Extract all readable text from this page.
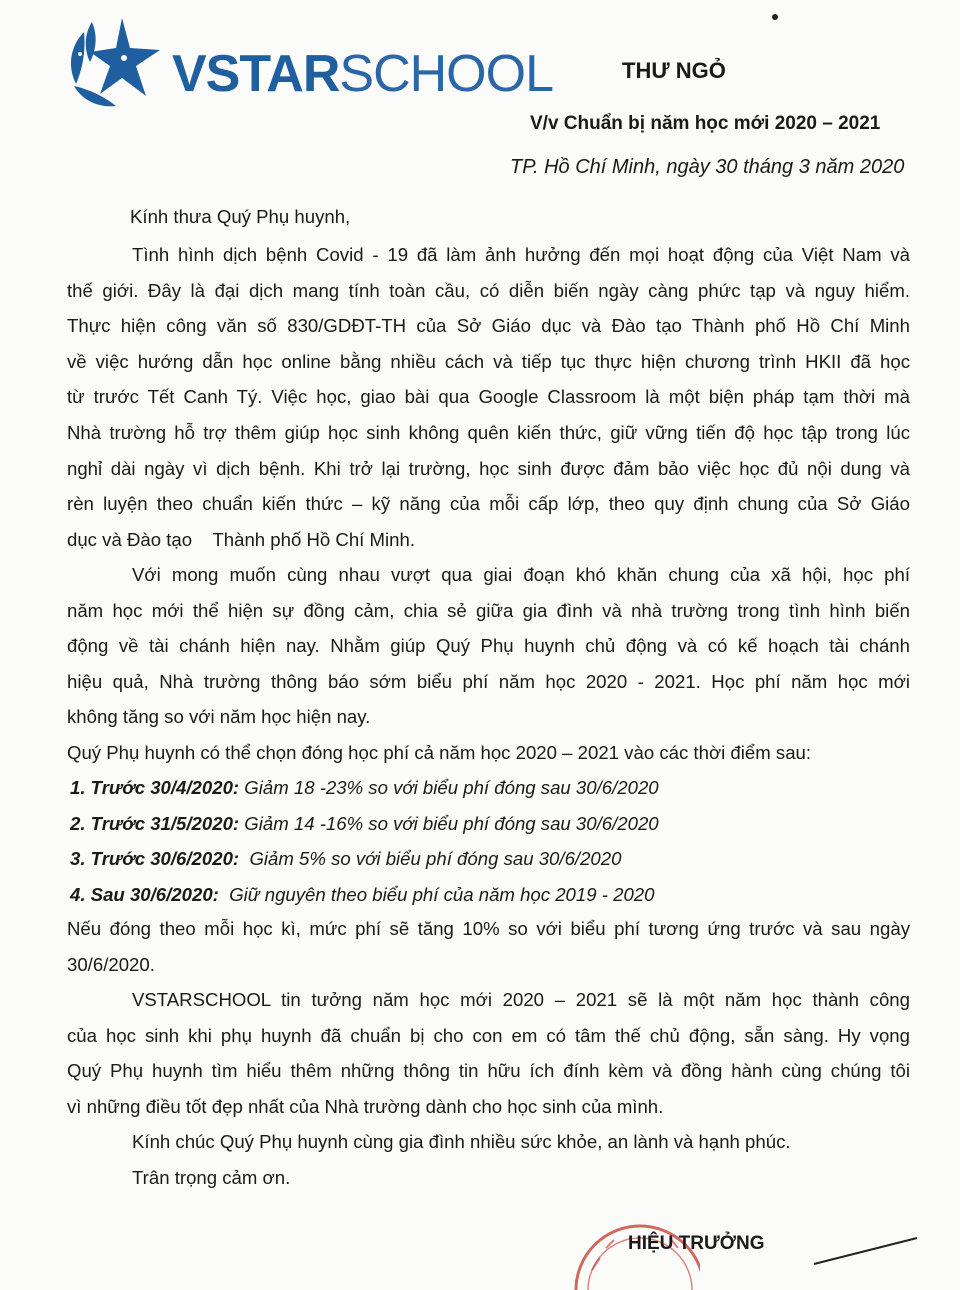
VSTARSCHOOL	THƯ NGỎ
V/v Chuẩn bị năm học mới 2020 – 2021
TP. Hồ Chí Minh, ngày 30 tháng 3 năm 2020
Kính thưa Quý Phụ huynh,

Tình hình dịch bệnh Covid - 19 đã làm ảnh hưởng đến mọi hoạt động của Việt Nam và

thế giới. Đây là đại dịch mang tính toàn cầu, có diễn biến ngày càng phức tạp và nguy hiểm.

Thực hiện công văn số 830/GDĐT-TH của Sở Giáo dục và Đào tạo Thành phố Hồ Chí Minh

về việc hướng dẫn học online bằng nhiều cách và tiếp tục thực hiện chương trình HKII đã học

từ trước Tết Canh Tý. Việc học, giao bài qua Google Classroom là một biện pháp tạm thời mà

Nhà trường hỗ trợ thêm giúp học sinh không quên kiến thức, giữ vững tiến độ học tập trong lúc

nghỉ dài ngày vì dịch bệnh. Khi trở lại trường, học sinh được đảm bảo việc học đủ nội dung và

rèn luyện theo chuẩn kiến thức – kỹ năng của mỗi cấp lớp, theo quy định chung của Sở Giáo

dục và Đào tạo    Thành phố Hồ Chí Minh.

Với mong muốn cùng nhau vượt qua giai đoạn khó khăn chung của xã hội, học phí

năm học mới thể hiện sự đồng cảm, chia sẻ giữa gia đình và nhà trường trong tình hình biến

động về tài chánh hiện nay. Nhằm giúp Quý Phụ huynh chủ động và có kế hoạch tài chánh

hiệu quả, Nhà trường thông báo sớm biểu phí năm học 2020 - 2021. Học phí năm học mới

không tăng so với năm học hiện nay.

Quý Phụ huynh có thể chọn đóng học phí cả năm học 2020 – 2021 vào các thời điểm sau:

1. Trước 30/4/2020: Giảm 18 -23% so với biểu phí đóng sau 30/6/2020

2. Trước 31/5/2020: Giảm 14 -16% so với biểu phí đóng sau 30/6/2020

3. Trước 30/6/2020:  Giảm 5% so với biểu phí đóng sau 30/6/2020

4. Sau 30/6/2020:  Giữ nguyên theo biểu phí của năm học 2019 - 2020

Nếu đóng theo mỗi học kì, mức phí sẽ tăng 10% so với biểu phí tương ứng trước và sau ngày

30/6/2020.

VSTARSCHOOL tin tưởng năm học mới 2020 – 2021 sẽ là một năm học thành công

của học sinh khi phụ huynh đã chuẩn bị cho con em có tâm thế chủ động, sẵn sàng. Hy vọng

Quý Phụ huynh tìm hiểu thêm những thông tin hữu ích đính kèm và đồng hành cùng chúng tôi

vì những điều tốt đẹp nhất của Nhà trường dành cho học sinh của mình.

Kính chúc Quý Phụ huynh cùng gia đình nhiều sức khỏe, an lành và hạnh phúc.
Trân trọng cảm ơn.
HIỆU TRƯỞNG
